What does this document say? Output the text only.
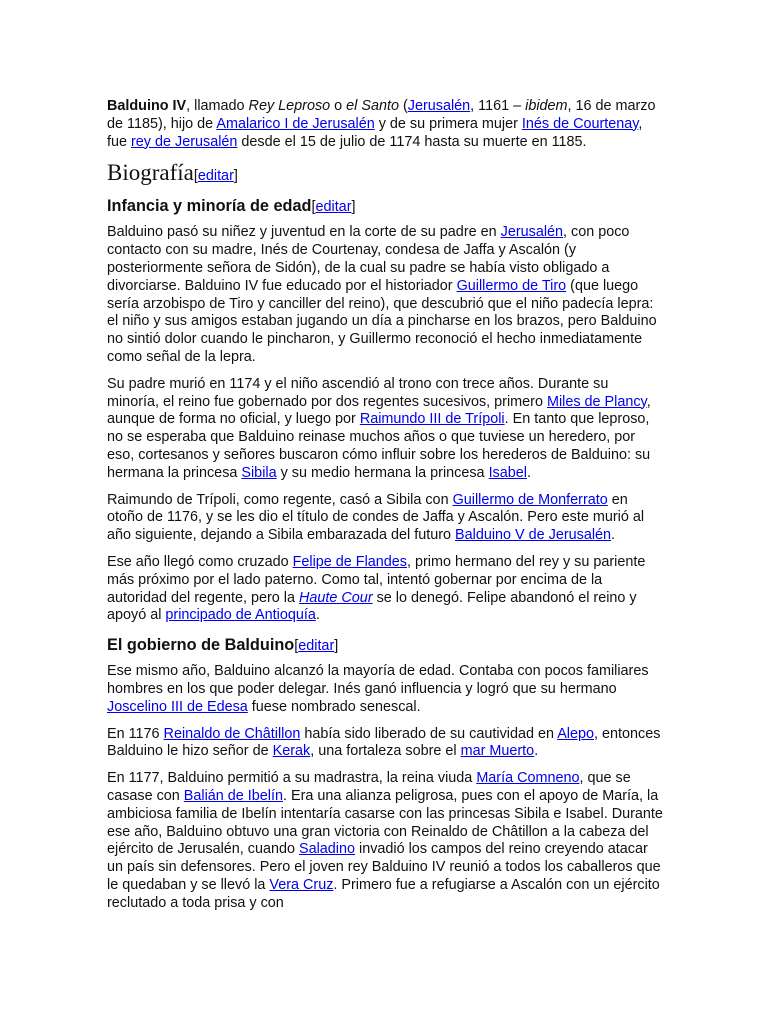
Balduino IV, llamado Rey Leproso o el Santo (Jerusalén, 1161 – ibidem, 16 de marzo de 1185), hijo de Amalarico I de Jerusalén y de su primera mujer Inés de Courtenay, fue rey de Jerusalén desde el 15 de julio de 1174 hasta su muerte en 1185.

Biografía[editar]
Infancia y minoría de edad[editar]

Balduino pasó su niñez y juventud en la corte de su padre en Jerusalén, con poco contacto con su madre, Inés de Courtenay, condesa de Jaffa y Ascalón (y posteriormente señora de Sidón), de la cual su padre se había visto obligado a divorciarse. Balduino IV fue educado por el historiador Guillermo de Tiro (que luego sería arzobispo de Tiro y canciller del reino), que descubrió que el niño padecía lepra: el niño y sus amigos estaban jugando un día a pincharse en los brazos, pero Balduino no sintió dolor cuando le pincharon, y Guillermo reconoció el hecho inmediatamente como señal de la lepra.

Su padre murió en 1174 y el niño ascendió al trono con trece años. Durante su minoría, el reino fue gobernado por dos regentes sucesivos, primero Miles de Plancy, aunque de forma no oficial, y luego por Raimundo III de Trípoli. En tanto que leproso, no se esperaba que Balduino reinase muchos años o que tuviese un heredero, por eso, cortesanos y señores buscaron cómo influir sobre los herederos de Balduino: su hermana la princesa Sibila y su medio hermana la princesa Isabel.

Raimundo de Trípoli, como regente, casó a Sibila con Guillermo de Monferrato en otoño de 1176, y se les dio el título de condes de Jaffa y Ascalón. Pero este murió al año siguiente, dejando a Sibila embarazada del futuro Balduino V de Jerusalén.

Ese año llegó como cruzado Felipe de Flandes, primo hermano del rey y su pariente más próximo por el lado paterno. Como tal, intentó gobernar por encima de la autoridad del regente, pero la Haute Cour se lo denegó. Felipe abandonó el reino y apoyó al principado de Antioquía.

El gobierno de Balduino[editar]

Ese mismo año, Balduino alcanzó la mayoría de edad. Contaba con pocos familiares hombres en los que poder delegar. Inés ganó influencia y logró que su hermano Joscelino III de Edesa fuese nombrado senescal.

En 1176 Reinaldo de Châtillon había sido liberado de su cautividad en Alepo, entonces Balduino le hizo señor de Kerak, una fortaleza sobre el mar Muerto.

En 1177, Balduino permitió a su madrastra, la reina viuda María Comneno, que se casase con Balián de Ibelín. Era una alianza peligrosa, pues con el apoyo de María, la ambiciosa familia de Ibelín intentaría casarse con las princesas Sibila e Isabel. Durante ese año, Balduino obtuvo una gran victoria con Reinaldo de Châtillon a la cabeza del ejército de Jerusalén, cuando Saladino invadió los campos del reino creyendo atacar un país sin defensores. Pero el joven rey Balduino IV reunió a todos los caballeros que le quedaban y se llevó la Vera Cruz. Primero fue a refugiarse a Ascalón con un ejército reclutado a toda prisa y con
